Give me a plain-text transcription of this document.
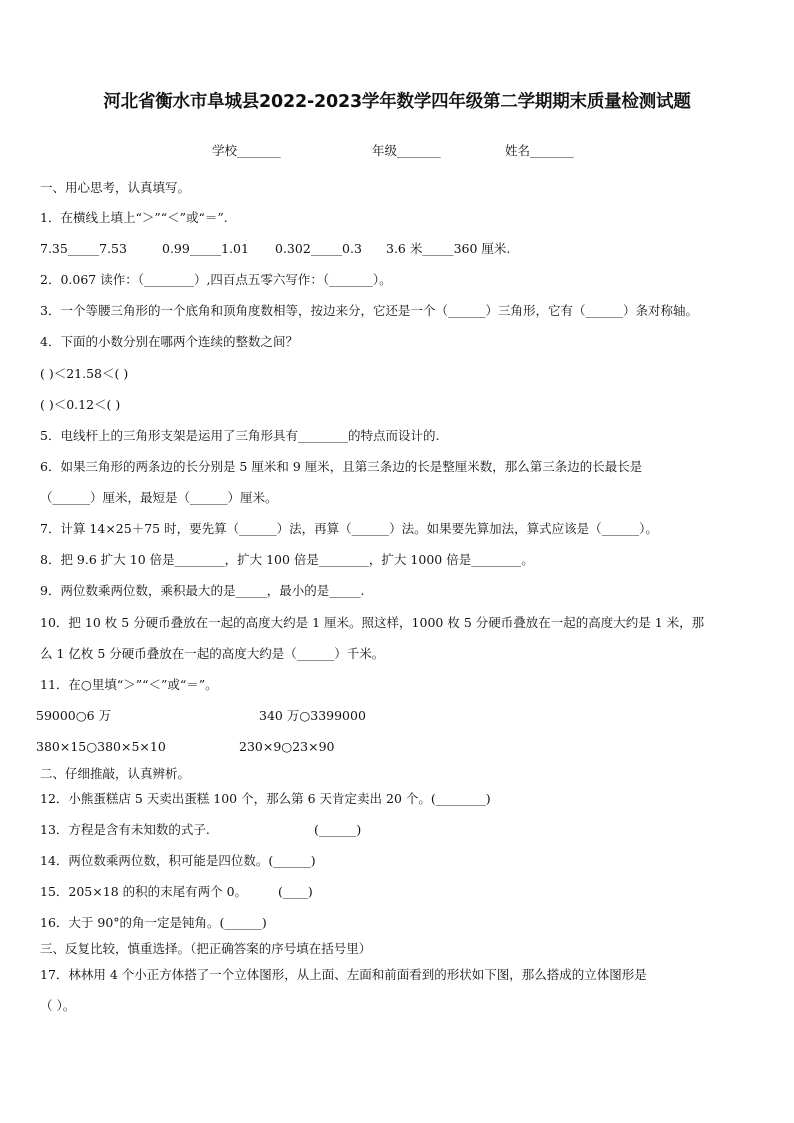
河北省衡水市阜城县2022-2023学年数学四年级第二学期期末质量检测试题
学校_______	年级_______	姓名_______
一、用心思考，认真填写。
1．在横线上填上“＞”“＜”或“＝”.
7.35_____7.53	0.99_____1.01 0.302_____0.3 3.6 米_____360 厘米.
2．0.067 读作：（________）,四百点五零六写作：（_______）。
3．一个等腰三角形的一个底角和顶角度数相等，按边来分，它还是一个（______）三角形，它有（______）条对称轴。
4．下面的小数分别在哪两个连续的整数之间？
( )＜21.58＜( )
( )＜0.12＜( )
5．电线杆上的三角形支架是运用了三角形具有________的特点而设计的.
6．如果三角形的两条边的长分别是 5 厘米和 9 厘米，且第三条边的长是整厘米数，那么第三条边的长最长是
（______）厘米，最短是（______）厘米。
7．计算 14×25＋75 时，要先算（______）法，再算（______）法。如果要先算加法，算式应该是（______）。
8．把 9.6 扩大 10 倍是________，扩大 100 倍是________，扩大 1000 倍是________。
9．两位数乘两位数，乘积最大的是_____，最小的是_____.
10．把 10 枚 5 分硬币叠放在一起的高度大约是 1 厘米。照这样，1000 枚 5 分硬币叠放在一起的高度大约是 1 米，那
么 1 亿枚 5 分硬币叠放在一起的高度大约是（______）千米。
11．在○里填“＞”“＜”或“＝”。
59000○6 万	340 万○3399000
380×15○380×5×10	230×9○23×90
二、仔细推敲，认真辨析。
12．小熊蛋糕店 5 天卖出蛋糕 100 个，那么第 6 天肯定卖出 20 个。(________)
13．方程是含有未知数的式子.	(______)
14．两位数乘两位数，积可能是四位数。(______)
15．205×18 的积的末尾有两个 0。 (____)
16．大于 90°的角一定是钝角。(______)
三、反复比较，慎重选择。（把正确答案的序号填在括号里）
17．林林用 4 个小正方体搭了一个立体图形，从上面、左面和前面看到的形状如下图，那么搭成的立体图形是
（ ）。
